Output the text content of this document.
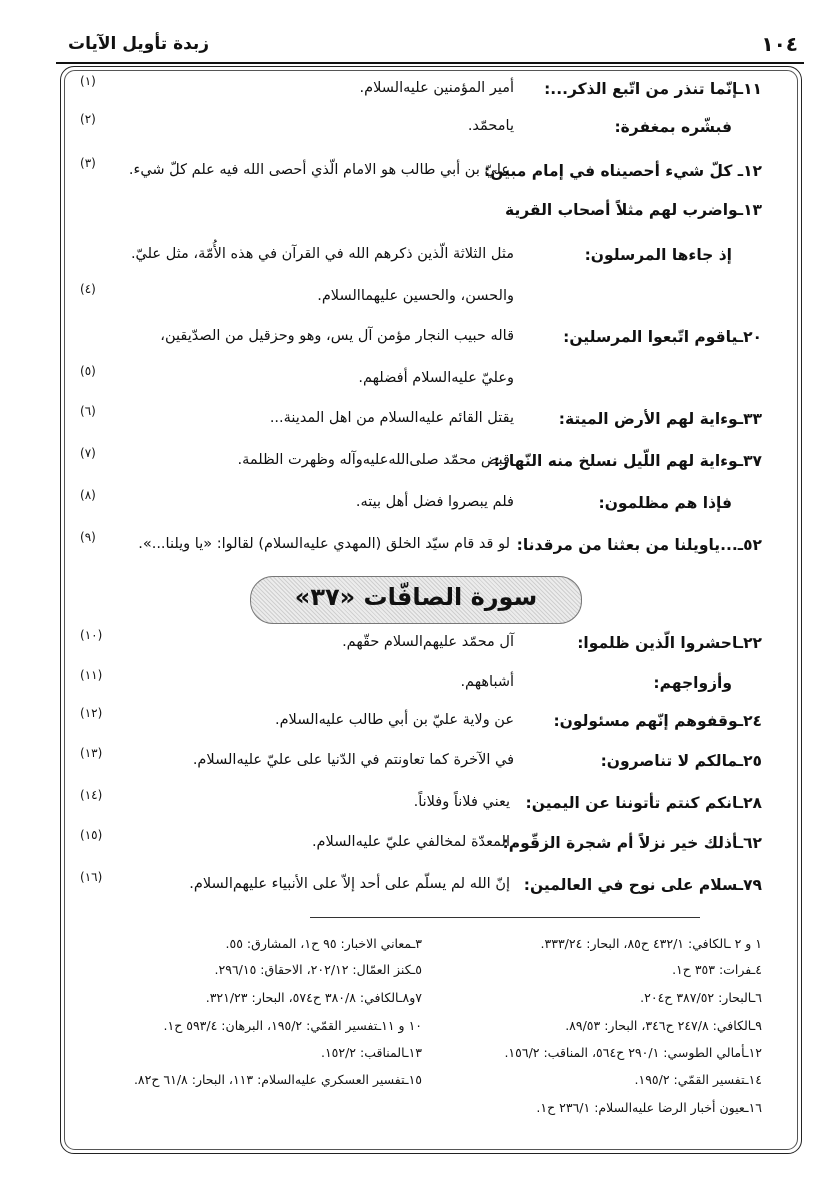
زبدة تأويل الآيات	١٠٤
١١ـإنّما تنذر من اتّبع الذكر...:
أمير المؤمنين عليه‌السلام.
(١)
فبشّره بمغفرة:
يامحمّد.
(٢)
١٢ـ كلّ شيء أحصيناه في إمام مبين:
عليّ بن أبي طالب هو الامام الّذي أحصى الله فيه علم كلّ شيء.
(٣)
١٣ـواضرب لهم مثلاً أصحاب القرية
إذ جاءها المرسلون:
مثل الثلاثة الّذين ذكرهم الله في القرآن في هذه الأُمّة، مثل عليّ.
والحسن، والحسين عليهما‌السلام.
(٤)
٢٠ـياقوم اتّبعوا المرسلين:
قاله حبيب النجار مؤمن آل يس، وهو وحزقيل من الصدّيقين،
وعليّ عليه‌السلام أفضلهم.
(٥)
٣٣ـوءاية لهم الأرض الميتة:
يقتل القائم عليه‌السلام من اهل المدينة...
(٦)
٣٧ـوءاية لهم اللّيل نسلخ منه النّهار:
قبض محمّد صلى‌الله‌عليه‌وآله وظهرت الظلمة.
(٧)
فإذا هم مظلمون:
فلم يبصروا فضل أهل بيته.
(٨)
٥٢ـ...ياويلنا من بعثنا من مرقدنا:
لو قد قام سيّد الخلق (المهدي عليه‌السلام) لقالوا: «يا ويلنا...».
(٩)
سورة الصافّات «٣٧»
٢٢ـاحشروا الّذين ظلموا:
آل محمّد عليهم‌السلام حقّهم.
(١٠)
وأزواجهم:
أشباههم.
(١١)
٢٤ـوقفوهم إنّهم مسئولون:
عن ولاية عليّ بن أبي طالب عليه‌السلام.
(١٢)
٢٥ـمالكم لا تناصرون:
في الآخرة كما تعاونتم في الدّنيا على عليّ عليه‌السلام.
(١٣)
٢٨ـانكم كنتم تأتوننا عن اليمين:
يعني فلاناً وفلاناً.
(١٤)
٦٢ـأذلك خير نزلاً أم شجرة الزقّوم:
المعدّة لمخالفي عليّ عليه‌السلام.
(١٥)
٧٩ـسلام على نوح في العالمين:
إنّ الله لم يسلّم على أحد إلاّ على الأنبياء عليهم‌السلام.
(١٦)
١ و ٢ ـالكافي: ٤٣٢/١ ح٨٥، البحار: ٣٣٣/٢٤.
٣ـمعاني الاخبار: ٩٥ ح١، المشارق: ٥٥.
٤ـفرات: ٣٥٣ ح١.
٥ـكنز العمّال: ٢٠٢/١٢، الاحقاق: ٢٩٦/١٥.
٦ـالبحار: ٣٨٧/٥٢ ح٢٠٤.
٧و٨ـالكافي: ٣٨٠/٨ ح٥٧٤، البحار: ٣٢١/٢٣.
٩ـالكافي: ٢٤٧/٨ ح٣٤٦، البحار: ٨٩/٥٣.
١٠ و ١١ـتفسير القمّي: ١٩٥/٢، البرهان: ٥٩٣/٤ ح١.
١٢ـأمالي الطوسي: ٢٩٠/١ ح٥٦٤، المناقب: ١٥٦/٢.
١٣ـالمناقب: ١٥٢/٢.
١٤ـتفسير القمّي: ١٩٥/٢.
١٥ـتفسير العسكري عليه‌السلام: ١١٣، البحار: ٦١/٨ ح٨٢.
١٦ـعيون أخبار الرضا عليه‌السلام: ٢٣٦/١ ح١.
